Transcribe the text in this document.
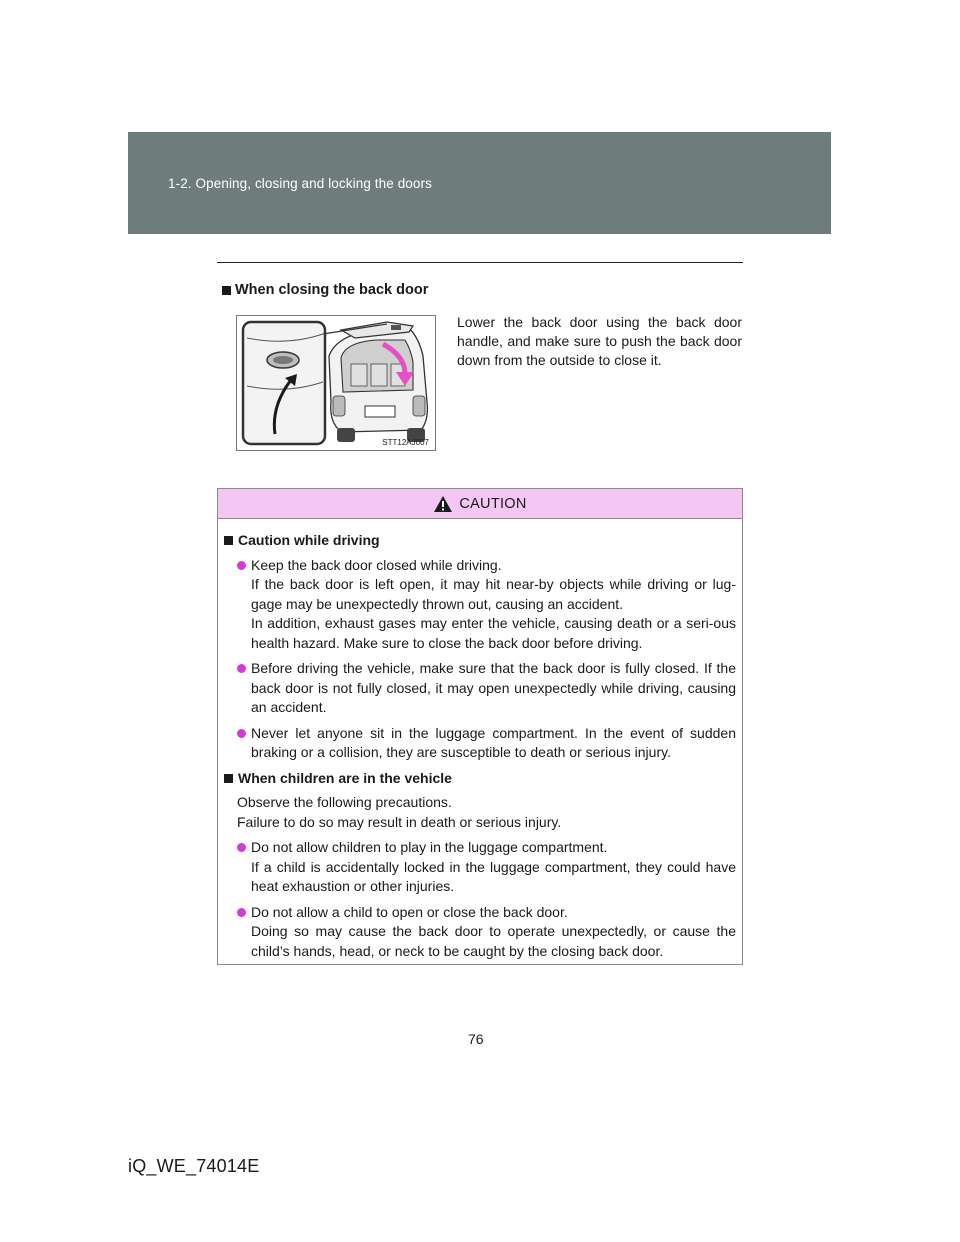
1-2. Opening, closing and locking the doors
When closing the back door
STT12AJ007
Lower the back door using the back door handle, and make sure to push the back door down from the outside to close it.
CAUTION
Caution while driving

Keep the back door closed while driving.

If the back door is left open, it may hit near-by objects while driving or lug-gage may be unexpectedly thrown out, causing an accident.

In addition, exhaust gases may enter the vehicle, causing death or a seri-ous health hazard. Make sure to close the back door before driving.

Before driving the vehicle, make sure that the back door is fully closed. If the back door is not fully closed, it may open unexpectedly while driving, causing an accident.

Never let anyone sit in the luggage compartment. In the event of sudden braking or a collision, they are susceptible to death or serious injury.

When children are in the vehicle

Observe the following precautions.

Failure to do so may result in death or serious injury.

Do not allow children to play in the luggage compartment.

If a child is accidentally locked in the luggage compartment, they could have heat exhaustion or other injuries.

Do not allow a child to open or close the back door.

Doing so may cause the back door to operate unexpectedly, or cause the child’s hands, head, or neck to be caught by the closing back door.

76
iQ_WE_74014E
